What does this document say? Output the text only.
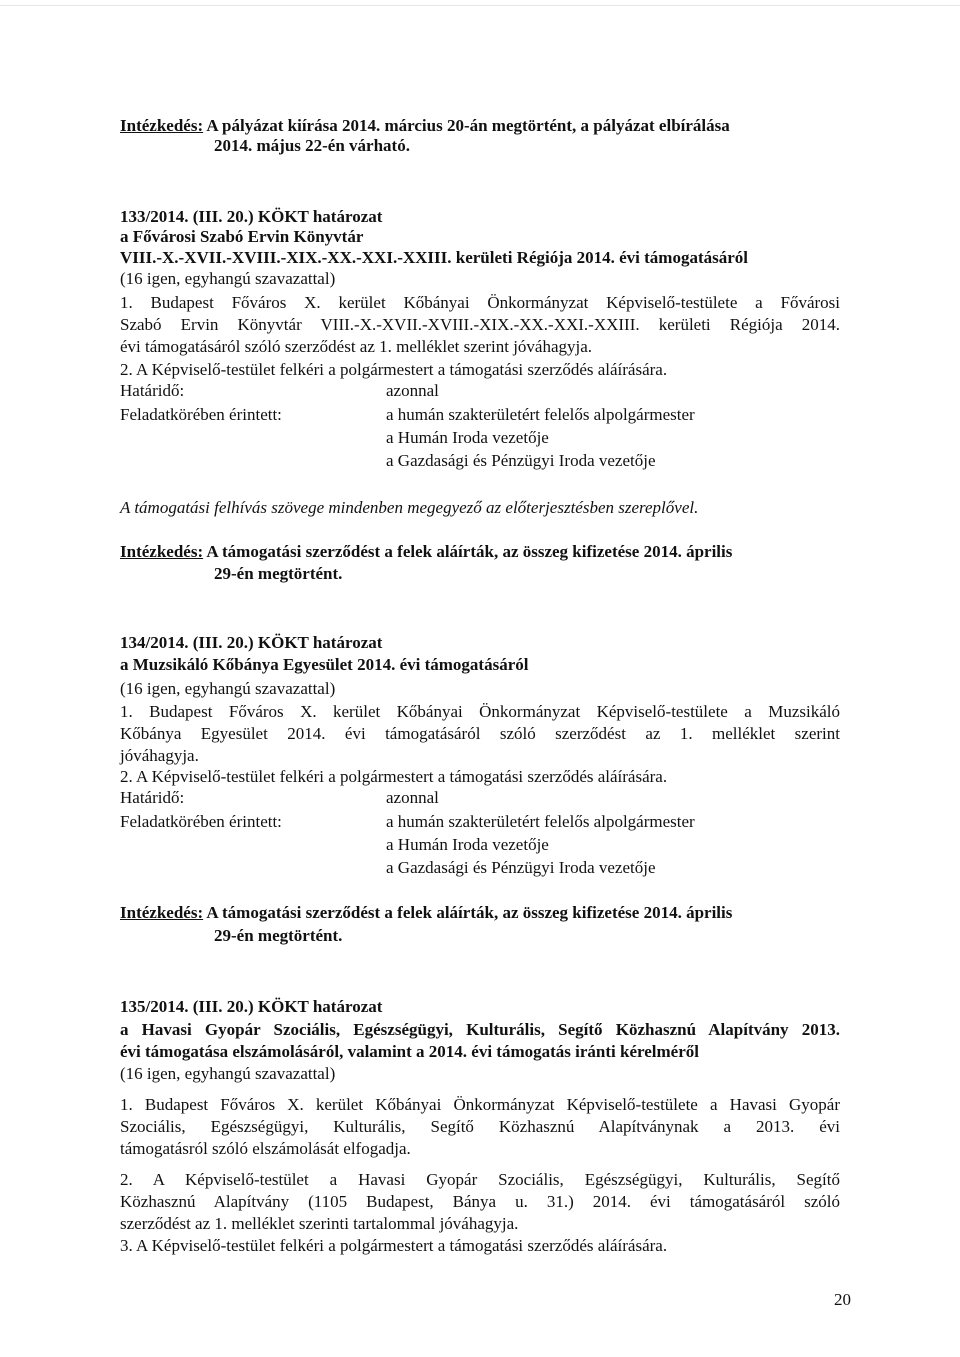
Intézkedés: A pályázat kiírása 2014. március 20-án megtörtént, a pályázat elbírálása
2014. május 22-én várható.
133/2014. (III. 20.) KÖKT határozat
a Fővárosi Szabó Ervin Könyvtár
VIII.-X.-XVII.-XVIII.-XIX.-XX.-XXI.-XXIII. kerületi Régiója 2014. évi támogatásáról
(16 igen, egyhangú szavazattal)
1. Budapest Főváros X. kerület Kőbányai Önkormányzat Képviselő-testülete a Fővárosi
Szabó Ervin Könyvtár VIII.-X.-XVII.-XVIII.-XIX.-XX.-XXI.-XXIII. kerületi Régiója 2014.
évi támogatásáról szóló szerződést az 1. melléklet szerint jóváhagyja.
2. A Képviselő-testület felkéri a polgármestert a támogatási szerződés aláírására.
Határidő:	azonnal
Feladatkörében érintett:	a humán szakterületért felelős alpolgármester
a Humán Iroda vezetője
a Gazdasági és Pénzügyi Iroda vezetője
A támogatási felhívás szövege mindenben megegyező az előterjesztésben szereplővel.
Intézkedés: A támogatási szerződést a felek aláírták, az összeg kifizetése 2014. április
29-én megtörtént.
134/2014. (III. 20.) KÖKT határozat
a Muzsikáló Kőbánya Egyesület 2014. évi támogatásáról
(16 igen, egyhangú szavazattal)
1. Budapest Főváros X. kerület Kőbányai Önkormányzat Képviselő-testülete a Muzsikáló
Kőbánya Egyesület 2014. évi támogatásáról szóló szerződést az 1. melléklet szerint
jóváhagyja.
2. A Képviselő-testület felkéri a polgármestert a támogatási szerződés aláírására.
Határidő:	azonnal
Feladatkörében érintett:	a humán szakterületért felelős alpolgármester
a Humán Iroda vezetője
a Gazdasági és Pénzügyi Iroda vezetője
Intézkedés: A támogatási szerződést a felek aláírták, az összeg kifizetése 2014. április
29-én megtörtént.
135/2014. (III. 20.) KÖKT határozat
a Havasi Gyopár Szociális, Egészségügyi, Kulturális, Segítő Közhasznú Alapítvány 2013.
évi támogatása elszámolásáról, valamint a 2014. évi támogatás iránti kérelméről
(16 igen, egyhangú szavazattal)
1. Budapest Főváros X. kerület Kőbányai Önkormányzat Képviselő-testülete a Havasi Gyopár
Szociális, Egészségügyi, Kulturális, Segítő Közhasznú Alapítványnak a 2013. évi
támogatásról szóló elszámolását elfogadja.
2. A Képviselő-testület a Havasi Gyopár Szociális, Egészségügyi, Kulturális, Segítő
Közhasznú Alapítvány (1105 Budapest, Bánya u. 31.) 2014. évi támogatásáról szóló
szerződést az 1. melléklet szerinti tartalommal jóváhagyja.
3. A Képviselő-testület felkéri a polgármestert a támogatási szerződés aláírására.
20
